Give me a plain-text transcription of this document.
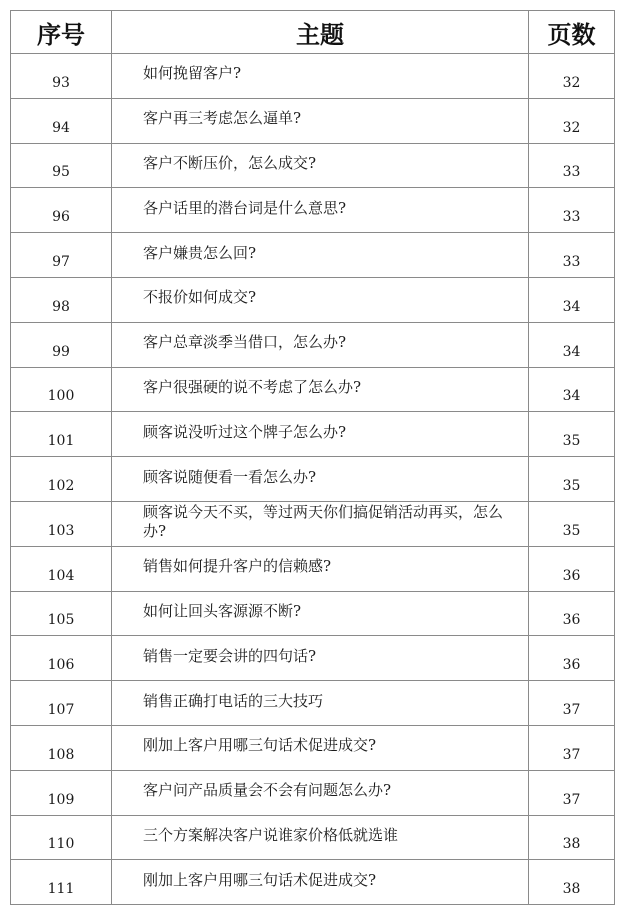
序号	主题	页数
93	如何挽留客户?	32
94	客户再三考虑怎么逼单?	32
95	客户不断压价，怎么成交?	33
96	各户话里的潜台词是什么意思?	33
97	客户嫌贵怎么回?	33
98	不报价如何成交?	34
99	客户总章淡季当借口，怎么办?	34
100	客户很强硬的说不考虑了怎么办?	34
101	顾客说没听过这个牌子怎么办?	35
102	顾客说随便看一看怎么办?	35
103	顾客说今天不买，等过两天你们搞促销活动再买，怎么办?	35
104	销售如何提升客户的信赖感?	36
105	如何让回头客源源不断?	36
106	销售一定要会讲的四句话?	36
107	销售正确打电话的三大技巧	37
108	刚加上客户用哪三句话术促进成交?	37
109	客户问产品质量会不会有问题怎么办?	37
110	三个方案解决客户说谁家价格低就选谁	38
111	刚加上客户用哪三句话术促进成交?	38
